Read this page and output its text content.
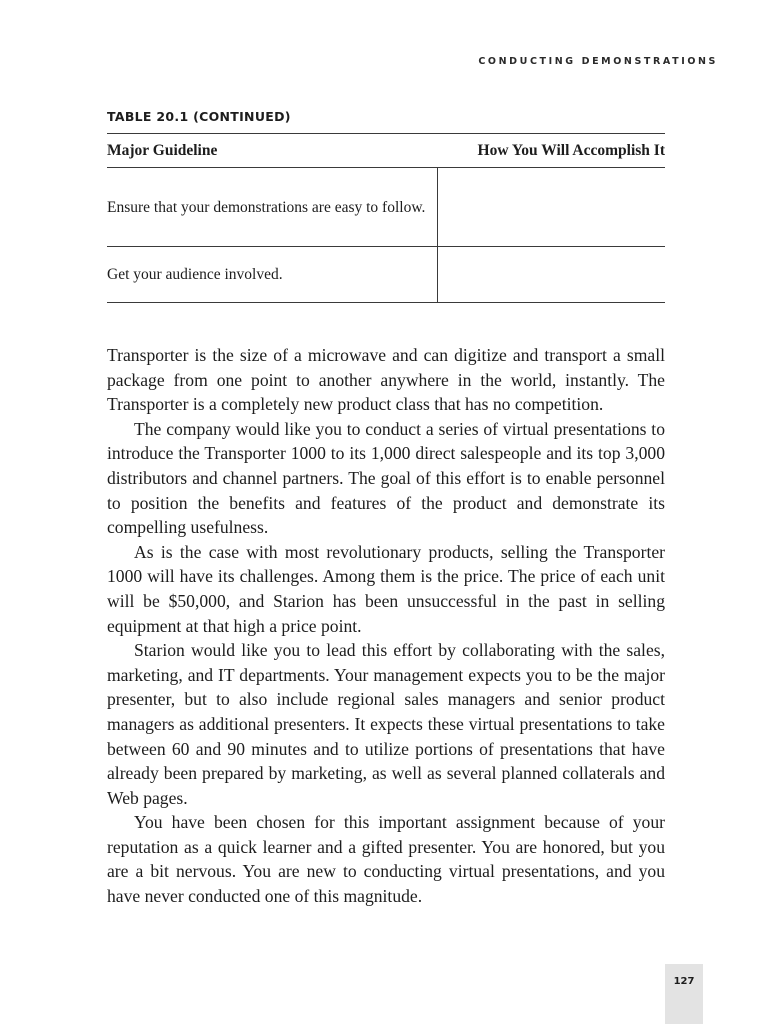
CONDUCTING DEMONSTRATIONS
TABLE 20.1 (CONTINUED)
Major Guideline	How You Will Accomplish It
Ensure that your demonstrations are easy to follow.	
Get your audience involved.	

Transporter is the size of a microwave and can digitize and transport a small package from one point to another anywhere in the world, instantly. The Transporter is a completely new product class that has no competition.

The company would like you to conduct a series of virtual presentations to introduce the Transporter 1000 to its 1,000 direct salespeople and its top 3,000 distributors and channel partners. The goal of this effort is to enable personnel to position the benefits and features of the product and demonstrate its compelling usefulness.

As is the case with most revolutionary products, selling the Transporter 1000 will have its challenges. Among them is the price. The price of each unit will be $50,000, and Starion has been unsuccessful in the past in selling equipment at that high a price point.

Starion would like you to lead this effort by collaborating with the sales, marketing, and IT departments. Your management expects you to be the major presenter, but to also include regional sales managers and senior product managers as additional presenters. It expects these virtual presentations to take between 60 and 90 minutes and to utilize portions of presentations that have already been prepared by marketing, as well as several planned collaterals and Web pages.

You have been chosen for this important assignment because of your reputation as a quick learner and a gifted presenter. You are honored, but you are a bit nervous. You are new to conducting virtual presentations, and you have never conducted one of this magnitude.

127
